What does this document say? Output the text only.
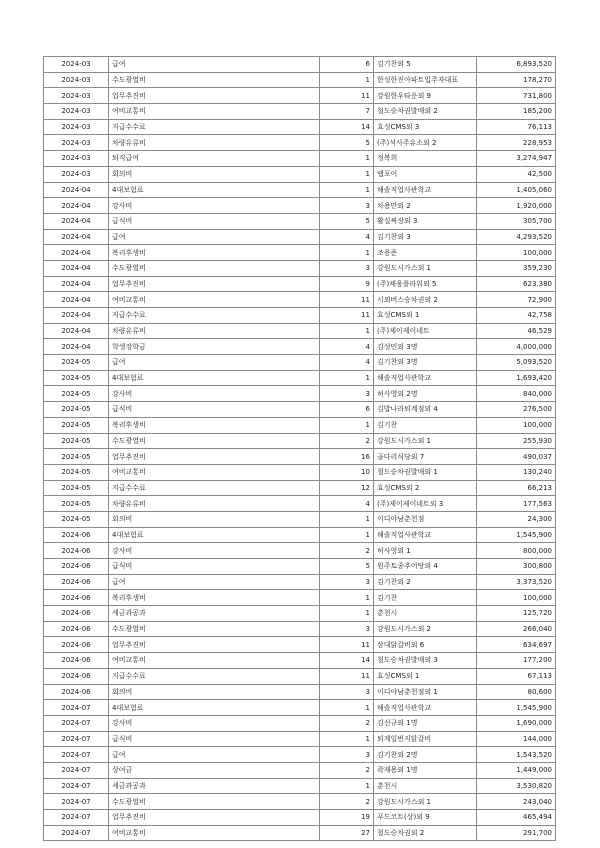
2024-03	급여	6	김기찬외 5	6,893,520
2024-03	수도광열비	1	한성한진아파트입주자대표	178,270
2024-03	업무추진비	11	강원한우타운외 9	731,800
2024-03	여비교통비	7	철도승차권발매외 2	185,200
2024-03	지급수수료	14	효성CMS외 3	76,113
2024-03	차량유류비	5	(주)석사주유소외 2	228,953
2024-03	퇴직급여	1	정복희	3,274,947
2024-03	회의비	1	랩포어	42,500
2024-04	4대보험료	1	해솔직업사관학교	1,405,060
2024-04	강사비	3	차용만외 2	1,920,000
2024-04	급식비	5	활실짜장외 3	305,700
2024-04	급여	4	김기찬외 3	4,293,520
2024-04	복리후생비	1	조용준	100,000
2024-04	수도광열비	3	강원도시가스외 1	359,230
2024-04	업무추진비	9	(주)채움플라워외 5	623,380
2024-04	여비교통비	11	시외버스승차권외 2	72,900
2024-04	지급수수료	11	효성CMS외 1	42,758
2024-04	차량유류비	1	(주)제이제이네트	46,529
2024-04	학생장학금	4	김성민외 3명	4,000,000
2024-05	급여	4	김기찬외 3명	5,093,520
2024-05	4대보험료	1	해솔직업사관학교	1,693,420
2024-05	강사비	3	허사영외 2명	840,000
2024-05	급식비	6	김밥나라퇴계점외 4	276,500
2024-05	복리후생비	1	김기찬	100,000
2024-05	수도광열비	2	강원도시가스외 1	255,930
2024-05	업무추진비	16	골다리식당외 7	490,037
2024-05	여비교통비	10	철도승차권발매외 1	130,240
2024-05	지급수수료	12	효성CMS외 2	66,213
2024-05	차량유류비	4	(주)제이제이네트외 3	177,563
2024-05	회의비	1	이디야남춘천점	24,300
2024-06	4대보험료	1	해솔직업사관학교	1,545,900
2024-06	강사비	2	허사영외 1	800,000
2024-06	급식비	5	원주토종추어탕외 4	300,800
2024-06	급여	3	김기찬외 2	3,373,520
2024-06	복리후생비	1	김기찬	100,000
2024-06	세금과공과	1	춘천시	125,720
2024-06	수도광열비	3	강원도시가스외 2	266,040
2024-06	업무추진비	11	삼대닭갈비외 6	634,697
2024-06	여비교통비	14	철도승차권발매외 3	177,200
2024-06	지급수수료	11	효성CMS외 1	67,113
2024-06	회의비	3	이디야남춘천점외 1	80,600
2024-07	4대보험료	1	해솔직업사관학교	1,545,900
2024-07	강사비	2	김선규외 1명	1,690,000
2024-07	급식비	1	퇴계일번지닭갈비	144,000
2024-07	급여	3	김기찬외 2명	1,543,520
2024-07	상여금	2	곽재용외 1명	1,449,000
2024-07	세금과공과	1	춘천시	3,530,820
2024-07	수도광열비	2	강원도시가스외 1	243,040
2024-07	업무추진비	19	푸드코트(상)외 9	465,494
2024-07	여비교통비	27	철도승차권외 2	291,700
